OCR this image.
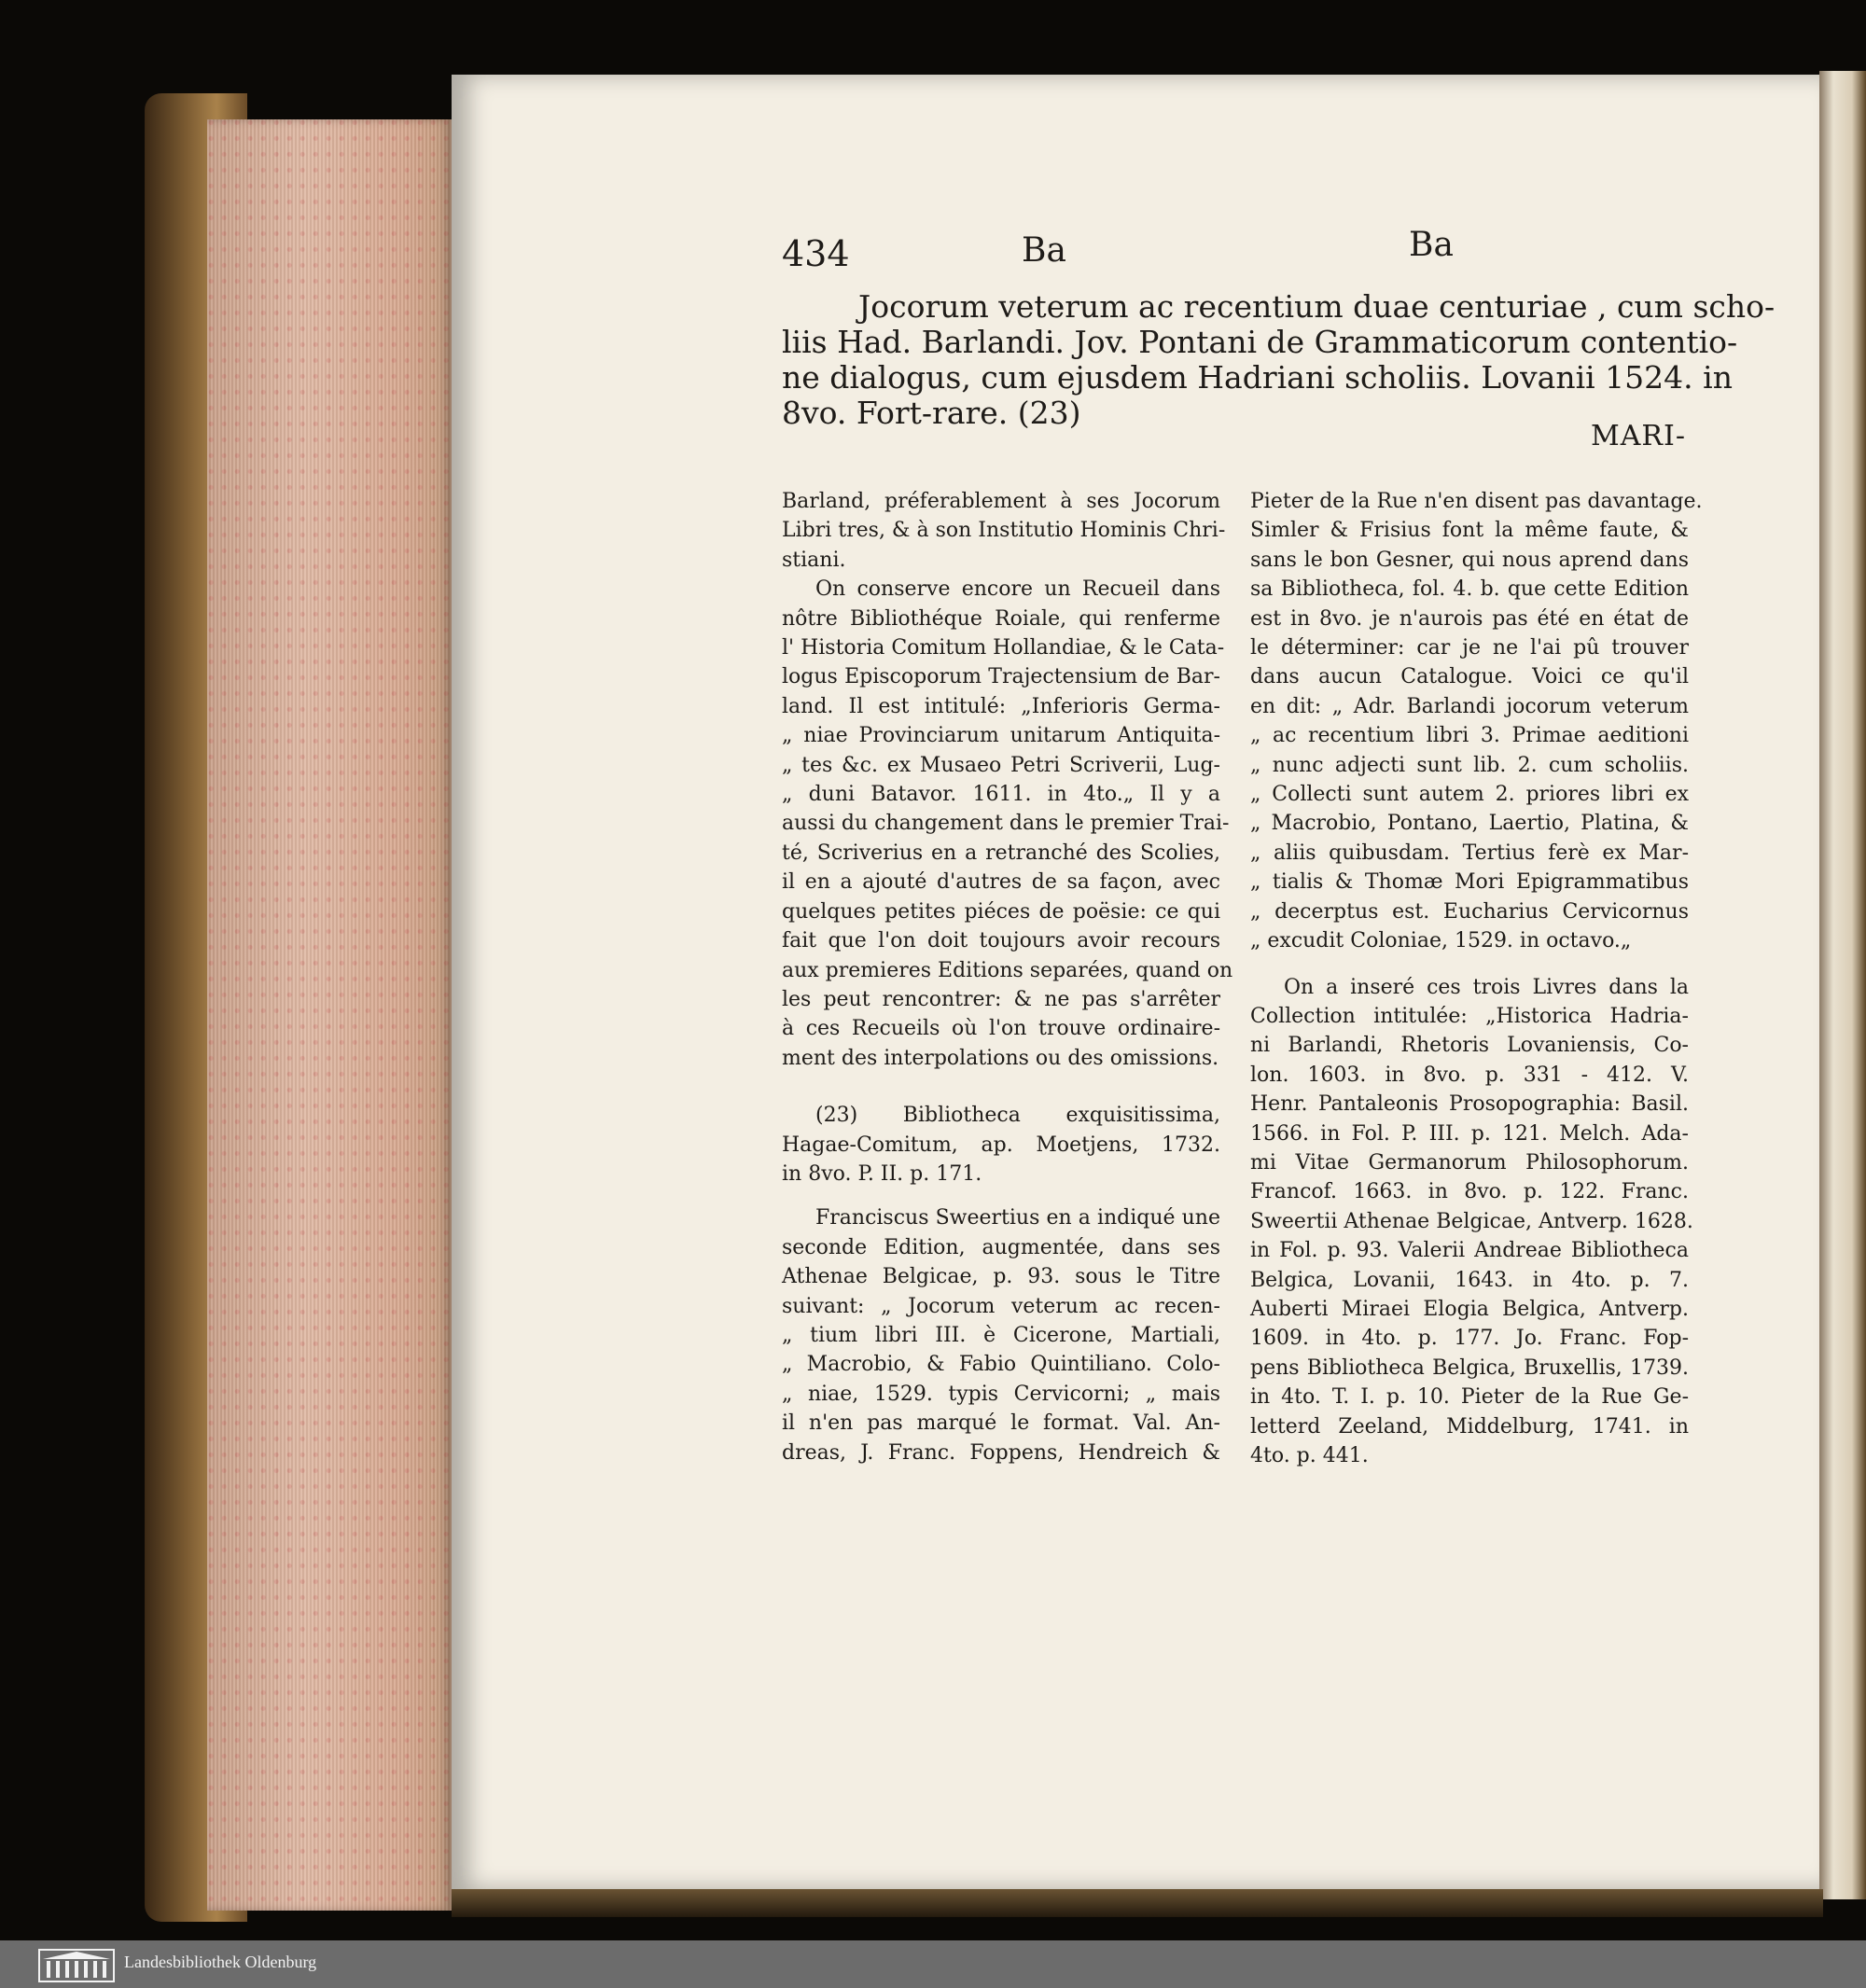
434	Ba	Ba
Jocorum veterum ac recentium duae centuriae , cum scho-
liis Had. Barlandi. Jov. Pontani de Grammaticorum contentio-
ne dialogus, cum ejusdem Hadriani scholiis. Lovanii 1524. in
8vo. Fort-rare. (23)
MARI-
Barland, préferablement à ses Jocorum
Libri tres, & à son Institutio Hominis Chri-
stiani.
On conserve encore un Recueil dans
nôtre Bibliothéque Roiale, qui renferme
l' Historia Comitum Hollandiae, & le Cata-
logus Episcoporum Trajectensium de Bar-
land. Il est intitulé: „Inferioris Germa-
„ niae Provinciarum unitarum Antiquita-
„ tes &c. ex Musaeo Petri Scriverii, Lug-
„ duni Batavor. 1611. in 4to.„ Il y a
aussi du changement dans le premier Trai-
té, Scriverius en a retranché des Scolies,
il en a ajouté d'autres de sa façon, avec
quelques petites piéces de poësie: ce qui
fait que l'on doit toujours avoir recours
aux premieres Editions separées, quand on
les peut rencontrer: & ne pas s'arrêter
à ces Recueils où l'on trouve ordinaire-
ment des interpolations ou des omissions.
(23) Bibliotheca exquisitissima,
Hagae-Comitum, ap. Moetjens, 1732.
in 8vo. P. II. p. 171.
Franciscus Sweertius en a indiqué une
seconde Edition, augmentée, dans ses
Athenae Belgicae, p. 93. sous le Titre
suivant: „ Jocorum veterum ac recen-
„ tium libri III. è Cicerone, Martiali,
„ Macrobio, & Fabio Quintiliano. Colo-
„ niae, 1529. typis Cervicorni; „ mais
il n'en pas marqué le format. Val. An-
dreas, J. Franc. Foppens, Hendreich &
Pieter de la Rue n'en disent pas davantage.
Simler & Frisius font la même faute, &
sans le bon Gesner, qui nous aprend dans
sa Bibliotheca, fol. 4. b. que cette Edition
est in 8vo. je n'aurois pas été en état de
le déterminer: car je ne l'ai pû trouver
dans aucun Catalogue. Voici ce qu'il
en dit: „ Adr. Barlandi jocorum veterum
„ ac recentium libri 3. Primae aeditioni
„ nunc adjecti sunt lib. 2. cum scholiis.
„ Collecti sunt autem 2. priores libri ex
„ Macrobio, Pontano, Laertio, Platina, &
„ aliis quibusdam. Tertius ferè ex Mar-
„ tialis & Thomæ Mori Epigrammatibus
„ decerptus est. Eucharius Cervicornus
„ excudit Coloniae, 1529. in octavo.„
On a inseré ces trois Livres dans la
Collection intitulée: „Historica Hadria-
ni Barlandi, Rhetoris Lovaniensis, Co-
lon. 1603. in 8vo. p. 331 - 412. V.
Henr. Pantaleonis Prosopographia: Basil.
1566. in Fol. P. III. p. 121. Melch. Ada-
mi Vitae Germanorum Philosophorum.
Francof. 1663. in 8vo. p. 122. Franc.
Sweertii Athenae Belgicae, Antverp. 1628.
in Fol. p. 93. Valerii Andreae Bibliotheca
Belgica, Lovanii, 1643. in 4to. p. 7.
Auberti Miraei Elogia Belgica, Antverp.
1609. in 4to. p. 177. Jo. Franc. Fop-
pens Bibliotheca Belgica, Bruxellis, 1739.
in 4to. T. I. p. 10. Pieter de la Rue Ge-
letterd Zeeland, Middelburg, 1741. in
4to. p. 441.
Landesbibliothek Oldenburg
